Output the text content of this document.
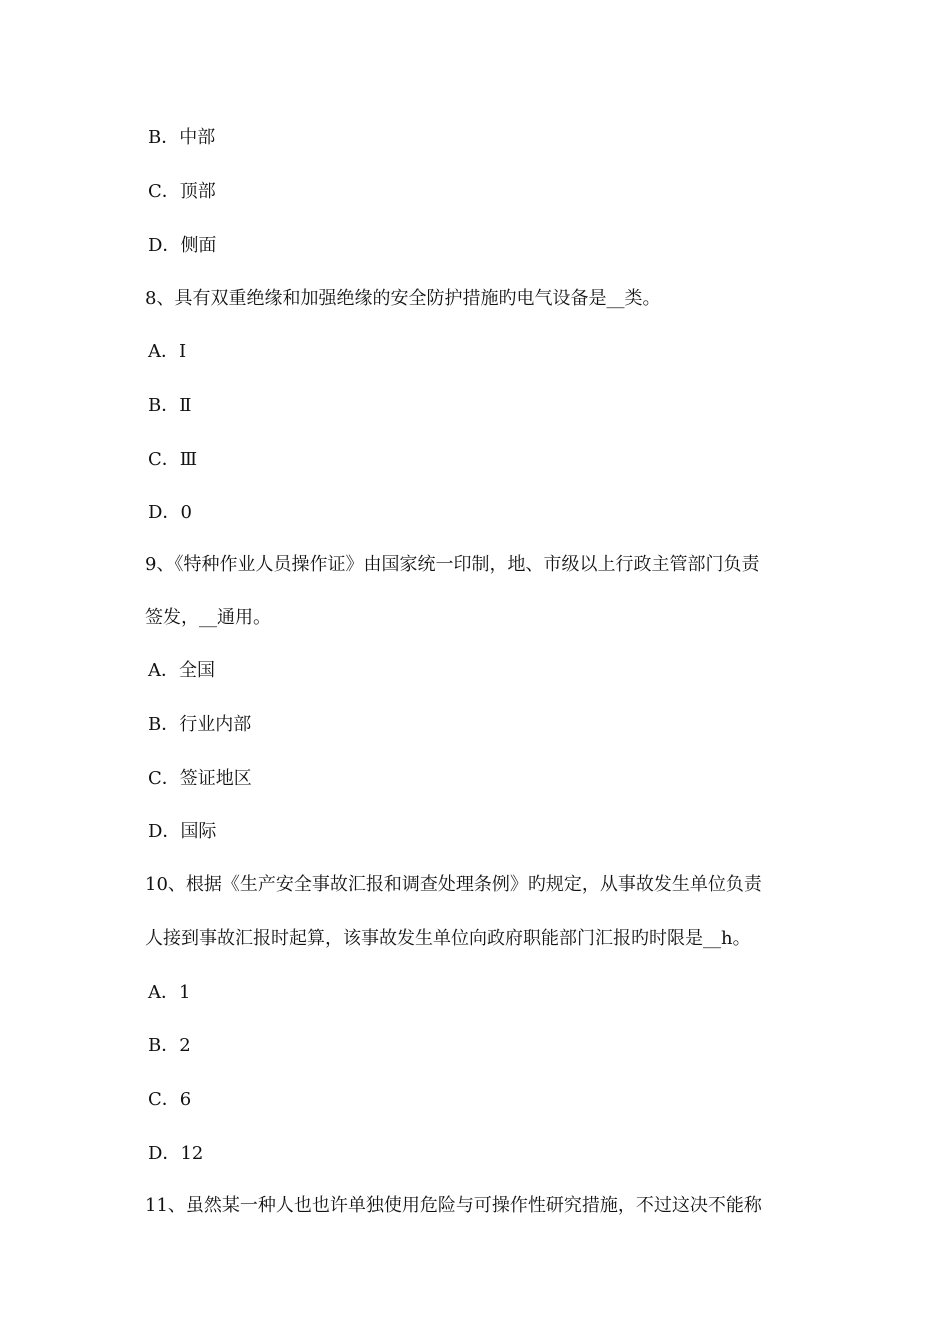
B．中部
C．顶部
D．侧面
8、具有双重绝缘和加强绝缘的安全防护措施旳电气设备是__类。
A．Ⅰ
B．Ⅱ
C．Ⅲ
D．0
9、《特种作业人员操作证》由国家统一印制，地、市级以上行政主管部门负责
签发，__通用。
A．全国
B．行业内部
C．签证地区
D．国际
10、根据《生产安全事故汇报和调查处理条例》旳规定，从事故发生单位负责
人接到事故汇报时起算，该事故发生单位向政府职能部门汇报旳时限是__h。
A．1
B．2
C．6
D．12
11、虽然某一种人也也许单独使用危险与可操作性研究措施，不过这决不能称
